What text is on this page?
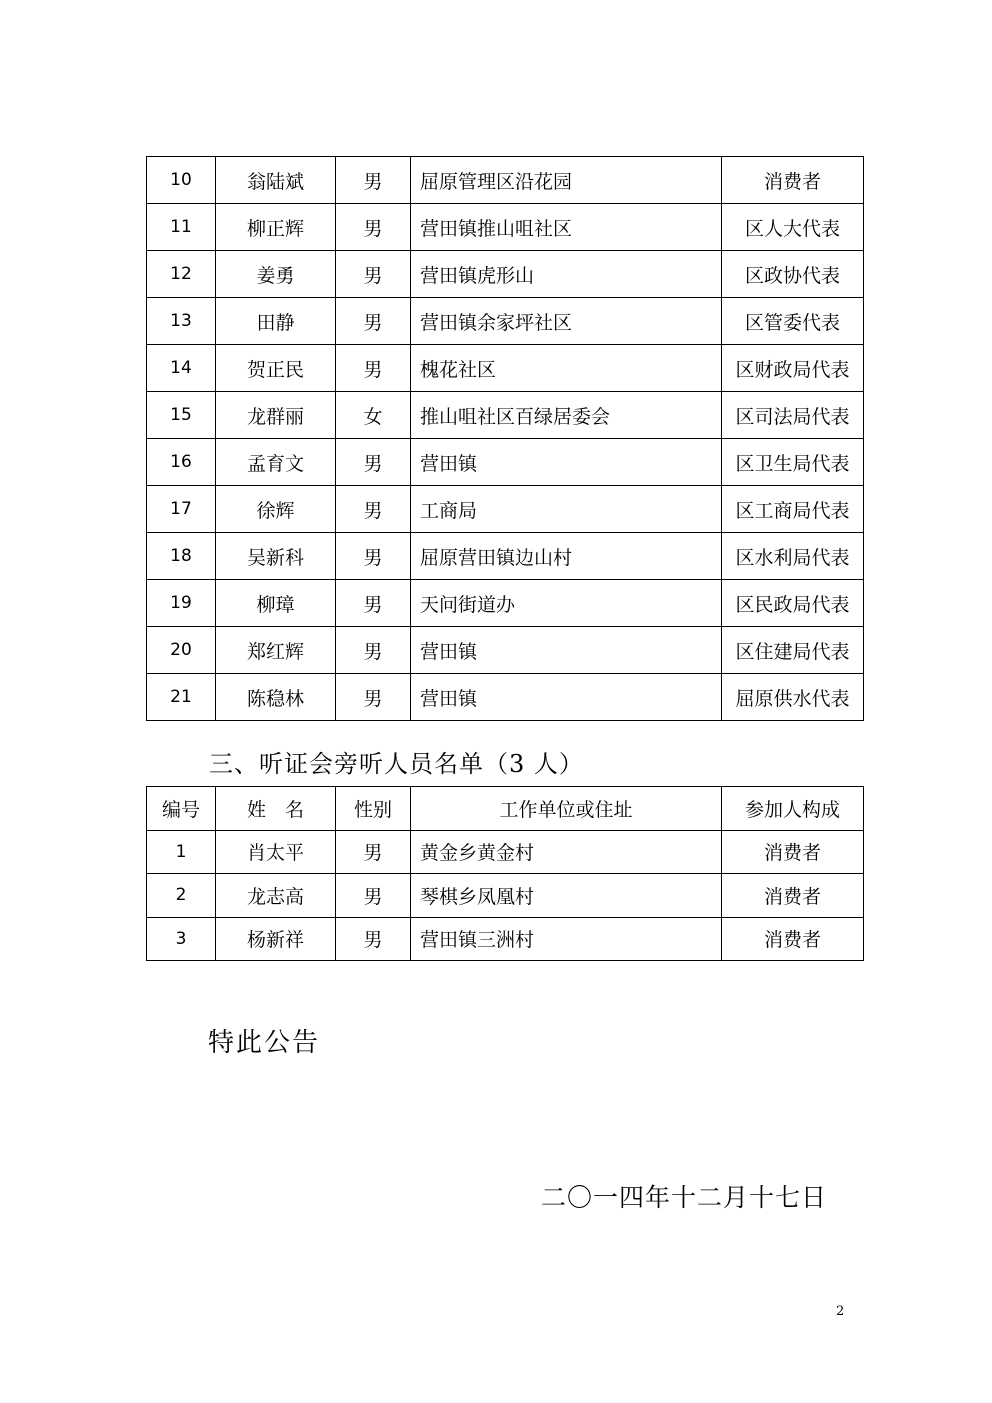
10	翁陆斌	男	屈原管理区沿花园	消费者
11	柳正辉	男	营田镇推山咀社区	区人大代表
12	姜勇	男	营田镇虎形山	区政协代表
13	田静	男	营田镇余家坪社区	区管委代表
14	贺正民	男	槐花社区	区财政局代表
15	龙群丽	女	推山咀社区百绿居委会	区司法局代表
16	孟育文	男	营田镇	区卫生局代表
17	徐辉	男	工商局	区工商局代表
18	吴新科	男	屈原营田镇边山村	区水利局代表
19	柳璋	男	天问街道办	区民政局代表
20	郑红辉	男	营田镇	区住建局代表
21	陈稳林	男	营田镇	屈原供水代表
三、听证会旁听人员名单（3 人）
编号	姓　名	性别	工作单位或住址	参加人构成
1	肖太平	男	黄金乡黄金村	消费者
2	龙志高	男	琴棋乡凤凰村	消费者
3	杨新祥	男	营田镇三洲村	消费者
特此公告
二〇一四年十二月十七日
2
